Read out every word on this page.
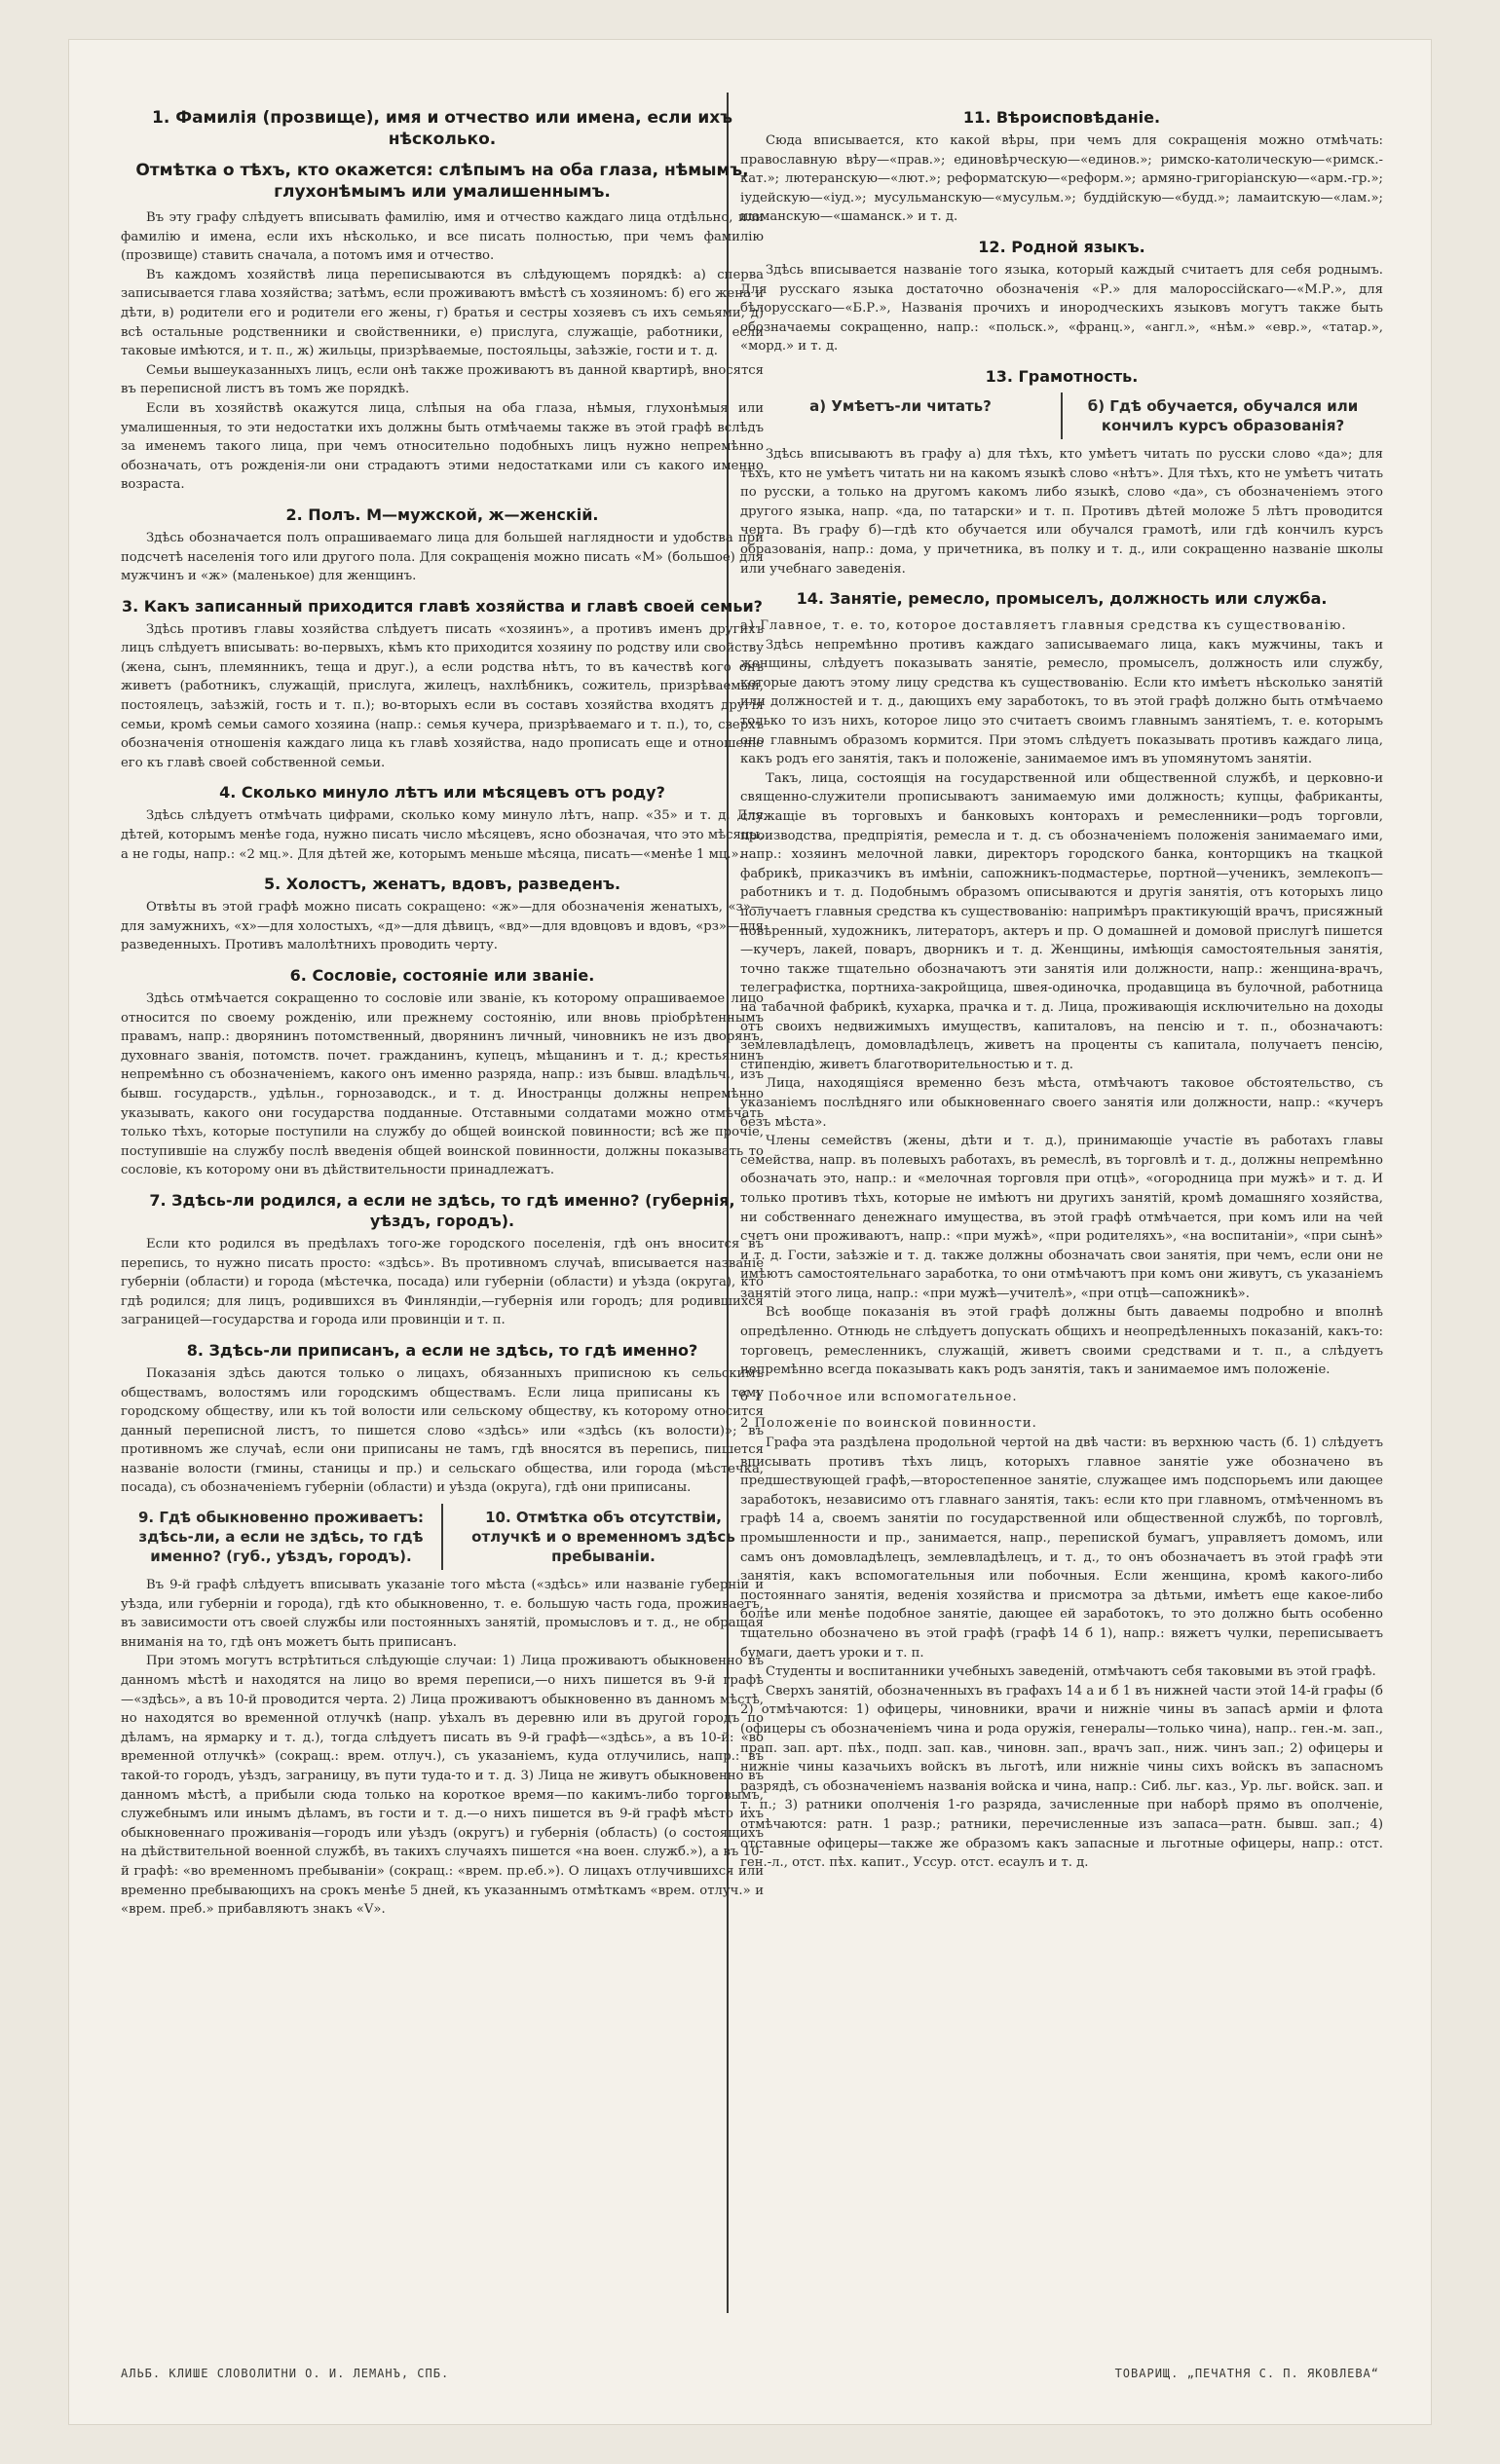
1. Фамилія (прозвище), имя и отчество или имена, если ихъ нѣсколько.
Отмѣтка о тѣхъ, кто окажется: слѣпымъ на оба глаза, нѣмымъ, глухонѣмымъ или умалишеннымъ.

Въ эту графу слѣдуетъ вписывать фамилію, имя и отчество каждаго лица отдѣльно, или фамилію и имена, если ихъ нѣсколько, и все писать полностью, при чемъ фамилію (прозвище) ставить сначала, а потомъ имя и отчество.

Въ каждомъ хозяйствѣ лица переписываются въ слѣдующемъ порядкѣ: а) сперва записывается глава хозяйства; затѣмъ, если проживаютъ вмѣстѣ съ хозяиномъ: б) его жена и дѣти, в) родители его и родители его жены, г) братья и сестры хозяевъ съ ихъ семьями, д) всѣ остальные родственники и свойственники, е) прислуга, служащіе, работники, если таковые имѣются, и т. п., ж) жильцы, призрѣваемые, постояльцы, заѣзжіе, гости и т. д.

Семьи вышеуказанныхъ лицъ, если онѣ также проживаютъ въ данной квартирѣ, вносятся въ переписной листъ въ томъ же порядкѣ.

Если въ хозяйствѣ окажутся лица, слѣпыя на оба глаза, нѣмыя, глухонѣмыя или умалишенныя, то эти недостатки ихъ должны быть отмѣчаемы также въ этой графѣ вслѣдъ за именемъ такого лица, при чемъ относительно подобныхъ лицъ нужно непремѣнно обозначать, отъ рожденія-ли они страдаютъ этими недостатками или съ какого именно возраста.

2. Полъ. М—мужской, ж—женскій.

Здѣсь обозначается полъ опрашиваемаго лица для большей наглядности и удобства при подсчетѣ населенія того или другого пола. Для сокращенія можно писать «М» (большое) для мужчинъ и «ж» (маленькое) для женщинъ.

3. Какъ записанный приходится главѣ хозяйства и главѣ своей семьи?

Здѣсь противъ главы хозяйства слѣдуетъ писать «хозяинъ», а противъ именъ другихъ лицъ слѣдуетъ вписывать: во-первыхъ, кѣмъ кто приходится хозяину по родству или свойству (жена, сынъ, племянникъ, теща и друг.), а если родства нѣтъ, то въ качествѣ кого онъ живетъ (работникъ, служащій, прислуга, жилецъ, нахлѣбникъ, сожитель, призрѣваемый, постоялецъ, заѣзжій, гость и т. п.); во-вторыхъ если въ составъ хозяйства входятъ другія семьи, кромѣ семьи самого хозяина (напр.: семья кучера, призрѣваемаго и т. п.), то, сверхъ обозначенія отношенія каждаго лица къ главѣ хозяйства, надо прописать еще и отношеніе его къ главѣ своей собственной семьи.

4. Сколько минуло лѣтъ или мѣсяцевъ отъ роду?

Здѣсь слѣдуетъ отмѣчать цифрами, сколько кому минуло лѣтъ, напр. «35» и т. д. Для дѣтей, которымъ менѣе года, нужно писать число мѣсяцевъ, ясно обозначая, что это мѣсяцы, а не годы, напр.: «2 мц.». Для дѣтей же, которымъ меньше мѣсяца, писать—«менѣе 1 мц.».

5. Холостъ, женатъ, вдовъ, разведенъ.

Отвѣты въ этой графѣ можно писать сокращено: «ж»—для обозначенія женатыхъ, «з»—для замужнихъ, «х»—для холостыхъ, «д»—для дѣвицъ, «вд»—для вдовцовъ и вдовъ, «рз»—для разведенныхъ. Противъ малолѣтнихъ проводить черту.

6. Сословіе, состояніе или званіе.

Здѣсь отмѣчается сокращенно то сословіе или званіе, къ которому опрашиваемое лицо относится по своему рожденію, или прежнему состоянію, или вновь пріобрѣтеннымъ правамъ, напр.: дворянинъ потомственный, дворянинъ личный, чиновникъ не изъ дворянъ, духовнаго званія, потомств. почет. гражданинъ, купецъ, мѣщанинъ и т. д.; крестьянинъ непремѣнно съ обозначеніемъ, какого онъ именно разряда, напр.: изъ бывш. владѣльч., изъ бывш. государств., удѣльн., горнозаводск., и т. д. Иностранцы должны непремѣнно указывать, какого они государства подданные. Отставными солдатами можно отмѣчать только тѣхъ, которые поступили на службу до общей воинской повинности; всѣ же прочіе, поступившіе на службу послѣ введенія общей воинской повинности, должны показывать то сословіе, къ которому они въ дѣйствительности принадлежатъ.

7. Здѣсь-ли родился, а если не здѣсь, то гдѣ именно? (губернія, уѣздъ, городъ).

Если кто родился въ предѣлахъ того-же городского поселенія, гдѣ онъ вносится въ перепись, то нужно писать просто: «здѣсь». Въ противномъ случаѣ, вписывается названіе губерніи (области) и города (мѣстечка, посада) или губерніи (области) и уѣзда (округа), кто гдѣ родился; для лицъ, родившихся въ Финляндіи,—губернія или городъ; для родившихся заграницей—государства и города или провинціи и т. п.

8. Здѣсь-ли приписанъ, а если не здѣсь, то гдѣ именно?

Показанія здѣсь даются только о лицахъ, обязанныхъ приписною къ сельскимъ обществамъ, волостямъ или городскимъ обществамъ. Если лица приписаны къ тому городскому обществу, или къ той волости или сельскому обществу, къ которому относится данный переписной листъ, то пишется слово «здѣсь» или «здѣсь (къ волости)»; въ противномъ же случаѣ, если они приписаны не тамъ, гдѣ вносятся въ перепись, пишется названіе волости (гмины, станицы и пр.) и сельскаго общества, или города (мѣстечка, посада), съ обозначеніемъ губерніи (области) и уѣзда (округа), гдѣ они приписаны.

9. Гдѣ обыкновенно проживаетъ: здѣсь-ли, а если не здѣсь, то гдѣ именно? (губ., уѣздъ, городъ).
10. Отмѣтка объ отсутствіи, отлучкѣ и о временномъ здѣсь пребываніи.

Въ 9-й графѣ слѣдуетъ вписывать указаніе того мѣста («здѣсь» или названіе губерніи и уѣзда, или губерніи и города), гдѣ кто обыкновенно, т. е. большую часть года, проживаетъ, въ зависимости отъ своей службы или постоянныхъ занятій, промысловъ и т. д., не обращая вниманія на то, гдѣ онъ можетъ быть приписанъ.

При этомъ могутъ встрѣтиться слѣдующіе случаи: 1) Лица проживаютъ обыкновенно въ данномъ мѣстѣ и находятся на лицо во время переписи,—о нихъ пишется въ 9-й графѣ—«здѣсь», а въ 10-й проводится черта. 2) Лица проживаютъ обыкновенно въ данномъ мѣстѣ, но находятся во временной отлучкѣ (напр. уѣхалъ въ деревню или въ другой городъ по дѣламъ, на ярмарку и т. д.), тогда слѣдуетъ писать въ 9-й графѣ—«здѣсь», а въ 10-й: «во временной отлучкѣ» (сокращ.: врем. отлуч.), съ указаніемъ, куда отлучились, напр.: въ такой-то городъ, уѣздъ, заграницу, въ пути туда-то и т. д. 3) Лица не живутъ обыкновенно въ данномъ мѣстѣ, а прибыли сюда только на короткое время—по какимъ-либо торговымъ, служебнымъ или инымъ дѣламъ, въ гости и т. д.—о нихъ пишется въ 9-й графѣ мѣсто ихъ обыкновеннаго проживанія—городъ или уѣздъ (округъ) и губернія (область) (о состоящихъ на дѣйствительной военной службѣ, въ такихъ случаяхъ пишется «на воен. служб.»), а въ 10-й графѣ: «во временномъ пребываніи» (сокращ.: «врем. пр.еб.»). О лицахъ отлучившихся или временно пребывающихъ на срокъ менѣе 5 дней, къ указаннымъ отмѣткамъ «врем. отлуч.» и «врем. преб.» прибавляютъ знакъ «V».

11. Вѣроисповѣданіе.

Сюда вписывается, кто какой вѣры, при чемъ для сокращенія можно отмѣчать: православную вѣру—«прав.»; единовѣрческую—«единов.»; римско-католическую—«римск.-кат.»; лютеранскую—«лют.»; реформатскую—«реформ.»; армяно-григоріанскую—«арм.-гр.»; іудейскую—«іуд.»; мусульманскую—«мусульм.»; буддійскую—«будд.»; ламаитскую—«лам.»; шаманскую—«шаманск.» и т. д.

12. Родной языкъ.

Здѣсь вписывается названіе того языка, который каждый считаетъ для себя роднымъ. Для русскаго языка достаточно обозначенія «Р.» для малороссійскаго—«М.Р.», для бѣлорусскаго—«Б.Р.», Названія прочихъ и инородческихъ языковъ могутъ также быть обозначаемы сокращенно, напр.: «польск.», «франц.», «англ.», «нѣм.» «евр.», «татар.», «морд.» и т. д.

13. Грамотность.
а) Умѣетъ-ли читать?	б) Гдѣ обучается, обучался или кончилъ курсъ образованія?

Здѣсь вписываютъ въ графу а) для тѣхъ, кто умѣетъ читать по русски слово «да»; для тѣхъ, кто не умѣетъ читать ни на какомъ языкѣ слово «нѣтъ». Для тѣхъ, кто не умѣетъ читать по русски, а только на другомъ какомъ либо языкѣ, слово «да», съ обозначеніемъ этого другого языка, напр. «да, по татарски» и т. п. Противъ дѣтей моложе 5 лѣтъ проводится черта. Въ графу б)—гдѣ кто обучается или обучался грамотѣ, или гдѣ кончилъ курсъ образованія, напр.: дома, у причетника, въ полку и т. д., или сокращенно названіе школы или учебнаго заведенія.

14. Занятіе, ремесло, промыселъ, должность или служба.
а) Главное, т. е. то, которое доставляетъ главныя средства къ существованію.

Здѣсь непремѣнно противъ каждаго записываемаго лица, какъ мужчины, такъ и женщины, слѣдуетъ показывать занятіе, ремесло, промыселъ, должность или службу, которые даютъ этому лицу средства къ существованію. Если кто имѣетъ нѣсколько занятій или должностей и т. д., дающихъ ему заработокъ, то въ этой графѣ должно быть отмѣчаемо только то изъ нихъ, которое лицо это считаетъ своимъ главнымъ занятіемъ, т. е. которымъ оно главнымъ образомъ кормится. При этомъ слѣдуетъ показывать противъ каждаго лица, какъ родъ его занятія, такъ и положеніе, занимаемое имъ въ упомянутомъ занятіи.

Такъ, лица, состоящія на государственной или общественной службѣ, и церковно-и священно-служители прописываютъ занимаемую ими должность; купцы, фабриканты, служащіе въ торговыхъ и банковыхъ конторахъ и ремесленники—родъ торговли, производства, предпріятія, ремесла и т. д. съ обозначеніемъ положенія занимаемаго ими, напр.: хозяинъ мелочной лавки, директоръ городского банка, конторщикъ на ткацкой фабрикѣ, приказчикъ въ имѣніи, сапожникъ-подмастерье, портной—ученикъ, землекопъ—работникъ и т. д. Подобнымъ образомъ описываются и другія занятія, отъ которыхъ лицо получаетъ главныя средства къ существованію: напримѣръ практикующій врачъ, присяжный повѣренный, художникъ, литераторъ, актеръ и пр. О домашней и домовой прислугѣ пишется—кучеръ, лакей, поваръ, дворникъ и т. д. Женщины, имѣющія самостоятельныя занятія, точно также тщательно обозначаютъ эти занятія или должности, напр.: женщина-врачъ, телеграфистка, портниха-закройщица, швея-одиночка, продавщица въ булочной, работница на табачной фабрикѣ, кухарка, прачка и т. д. Лица, проживающія исключительно на доходы отъ своихъ недвижимыхъ имуществъ, капиталовъ, на пенсію и т. п., обозначаютъ: землевладѣлецъ, домовладѣлецъ, живетъ на проценты съ капитала, получаетъ пенсію, стипендію, живетъ благотворительностью и т. д.

Лица, находящіяся временно безъ мѣста, отмѣчаютъ таковое обстоятельство, съ указаніемъ послѣдняго или обыкновеннаго своего занятія или должности, напр.: «кучеръ безъ мѣста».

Члены семействъ (жены, дѣти и т. д.), принимающіе участіе въ работахъ главы семейства, напр. въ полевыхъ работахъ, въ ремеслѣ, въ торговлѣ и т. д., должны непремѣнно обозначать это, напр.: и «мелочная торговля при отцѣ», «огородница при мужѣ» и т. д. И только противъ тѣхъ, которые не имѣютъ ни другихъ занятій, кромѣ домашняго хозяйства, ни собственнаго денежнаго имущества, въ этой графѣ отмѣчается, при комъ или на чей счетъ они проживаютъ, напр.: «при мужѣ», «при родителяхъ», «на воспитаніи», «при сынѣ» и т. д. Гости, заѣзжіе и т. д. также должны обозначать свои занятія, при чемъ, если они не имѣютъ самостоятельнаго заработка, то они отмѣчаютъ при комъ они живутъ, съ указаніемъ занятій этого лица, напр.: «при мужѣ—учителѣ», «при отцѣ—сапожникѣ».

Всѣ вообще показанія въ этой графѣ должны быть даваемы подробно и вполнѣ опредѣленно. Отнюдь не слѣдуетъ допускать общихъ и неопредѣленныхъ показаній, какъ-то: торговецъ, ремесленникъ, служащій, живетъ своими средствами и т. п., а слѣдуетъ непремѣнно всегда показывать какъ родъ занятія, такъ и занимаемое имъ положеніе.

б 1 Побочное или вспомогательное.
2 Положеніе по воинской повинности.

Графа эта раздѣлена продольной чертой на двѣ части: въ верхнюю часть (б. 1) слѣдуетъ вписывать противъ тѣхъ лицъ, которыхъ главное занятіе уже обозначено въ предшествующей графѣ,—второстепенное занятіе, служащее имъ подспорьемъ или дающее заработокъ, независимо отъ главнаго занятія, такъ: если кто при главномъ, отмѣченномъ въ графѣ 14 а, своемъ занятіи по государственной или общественной службѣ, по торговлѣ, промышленности и пр., занимается, напр., перепиской бумагъ, управляетъ домомъ, или самъ онъ домовладѣлецъ, землевладѣлецъ, и т. д., то онъ обозначаетъ въ этой графѣ эти занятія, какъ вспомогательныя или побочныя. Если женщина, кромѣ какого-либо постояннаго занятія, веденія хозяйства и присмотра за дѣтьми, имѣетъ еще какое-либо болѣе или менѣе подобное занятіе, дающее ей заработокъ, то это должно быть особенно тщательно обозначено въ этой графѣ (графѣ 14 б 1), напр.: вяжетъ чулки, переписываетъ бумаги, даетъ уроки и т. п.

Студенты и воспитанники учебныхъ заведеній, отмѣчаютъ себя таковыми въ этой графѣ.

Сверхъ занятій, обозначенныхъ въ графахъ 14 а и б 1 въ нижней части этой 14-й графы (б 2) отмѣчаются: 1) офицеры, чиновники, врачи и нижніе чины въ запасѣ арміи и флота (офицеры съ обозначеніемъ чина и рода оружія, генералы—только чина), напр.. ген.-м. зап., прап. зап. арт. пѣх., подп. зап. кав., чиновн. зап., врачъ зап., ниж. чинъ зап.; 2) офицеры и нижніе чины казачьихъ войскъ въ льготѣ, или нижніе чины сихъ войскъ въ запасномъ разрядѣ, съ обозначеніемъ названія войска и чина, напр.: Сиб. льг. каз., Ур. льг. войск. зап. и т. п.; 3) ратники ополченія 1-го разряда, зачисленные при наборѣ прямо въ ополченіе, отмѣчаются: ратн. 1 разр.; ратники, перечисленные изъ запаса—ратн. бывш. зап.; 4) отставные офицеры—также же образомъ какъ запасные и льготные офицеры, напр.: отст. ген.-л., отст. пѣх. капит., Уссур. отст. есаулъ и т. д.

АЛЬБ. КЛИШЕ СЛОВОЛИТНИ О. И. ЛЕМАНЪ, СПБ.	ТОВАРИЩ. „ПЕЧАТНЯ С. П. ЯКОВЛЕВА“
